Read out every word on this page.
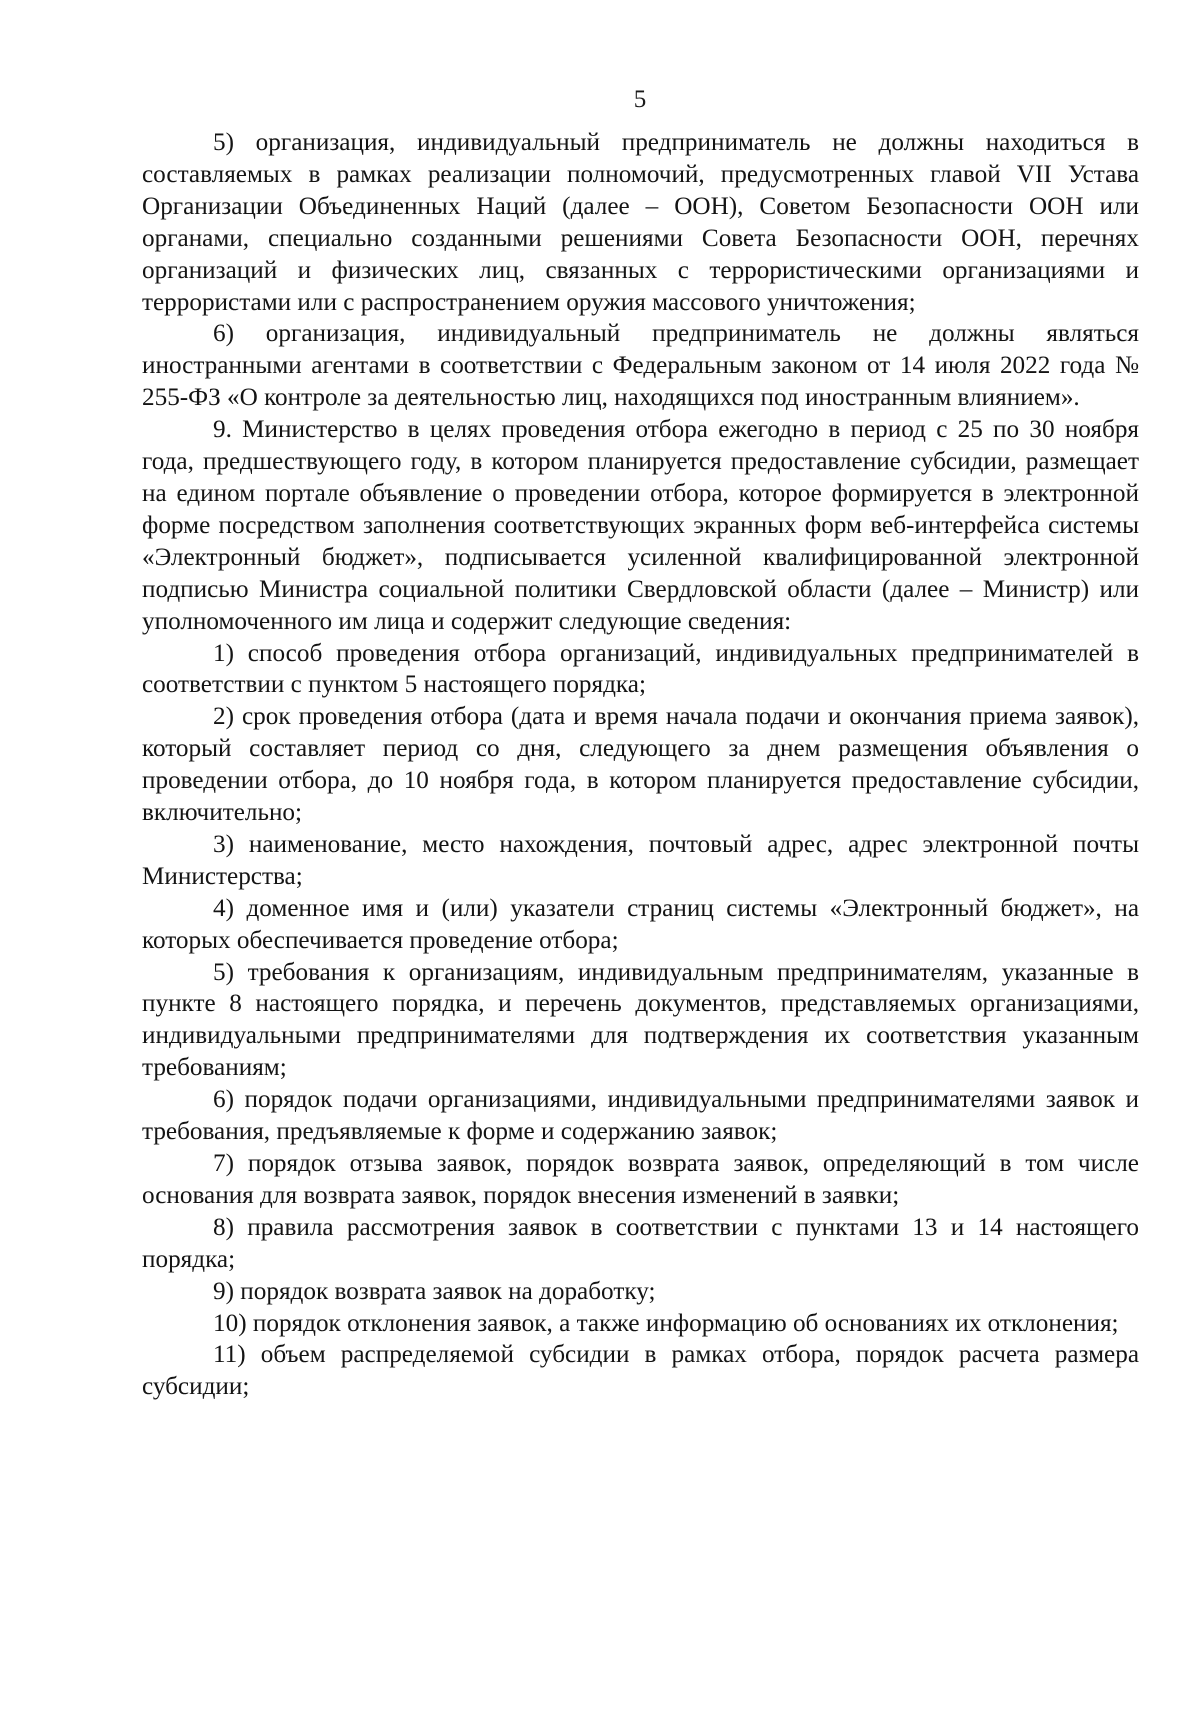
5

5) организация, индивидуальный предприниматель не должны находиться в составляемых в рамках реализации полномочий, предусмотренных главой VII Устава Организации Объединенных Наций (далее – ООН), Советом Безопасности ООН или органами, специально созданными решениями Совета Безопасности ООН, перечнях организаций и физических лиц, связанных с террористическими организациями и террористами или с распространением оружия массового уничтожения;

6) организация, индивидуальный предприниматель не должны являться иностранными агентами в соответствии с Федеральным законом от 14 июля 2022 года № 255-ФЗ «О контроле за деятельностью лиц, находящихся под иностранным влиянием».

9. Министерство в целях проведения отбора ежегодно в период с 25 по 30 ноября года, предшествующего году, в котором планируется предоставление субсидии, размещает на едином портале объявление о проведении отбора, которое формируется в электронной форме посредством заполнения соответствующих экранных форм веб-интерфейса системы «Электронный бюджет», подписывается усиленной квалифицированной электронной подписью Министра социальной политики Свердловской области (далее – Министр) или уполномоченного им лица и содержит следующие сведения:

1) способ проведения отбора организаций, индивидуальных предпринимателей в соответствии с пунктом 5 настоящего порядка;

2) срок проведения отбора (дата и время начала подачи и окончания приема заявок), который составляет период со дня, следующего за днем размещения объявления о проведении отбора, до 10 ноября года, в котором планируется предоставление субсидии, включительно;

3) наименование, место нахождения, почтовый адрес, адрес электронной почты Министерства;

4) доменное имя и (или) указатели страниц системы «Электронный бюджет», на которых обеспечивается проведение отбора;

5) требования к организациям, индивидуальным предпринимателям, указанные в пункте 8 настоящего порядка, и перечень документов, представляемых организациями, индивидуальными предпринимателями для подтверждения их соответствия указанным требованиям;

6) порядок подачи организациями, индивидуальными предпринимателями заявок и требования, предъявляемые к форме и содержанию заявок;

7) порядок отзыва заявок, порядок возврата заявок, определяющий в том числе основания для возврата заявок, порядок внесения изменений в заявки;

8) правила рассмотрения заявок в соответствии с пунктами 13 и 14 настоящего порядка;

9) порядок возврата заявок на доработку;

10) порядок отклонения заявок, а также информацию об основаниях их отклонения;

11) объем распределяемой субсидии в рамках отбора, порядок расчета размера субсидии;
